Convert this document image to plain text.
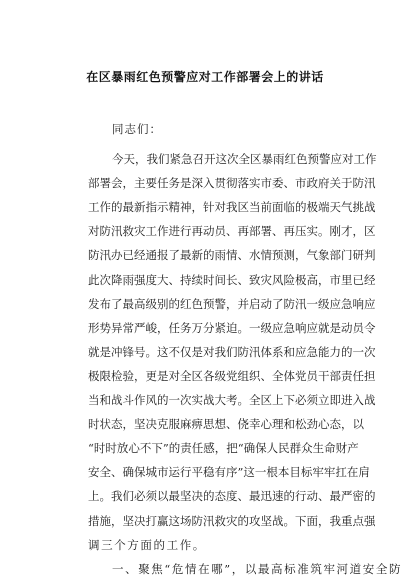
在区暴雨红色预警应对工作部署会上的讲话
同志们：
今天，我们紧急召开这次全区暴雨红色预警应对工作
部署会，主要任务是深入贯彻落实市委、市政府关于防汛
工作的最新指示精神，针对我区当前面临的极端天气挑战
对防汛救灾工作进行再动员、再部署、再压实。刚才，区
防汛办已经通报了最新的雨情、水情预测，气象部门研判
此次降雨强度大、持续时间长、致灾风险极高，市里已经
发布了最高级别的红色预警，并启动了防汛一级应急响应
形势异常严峻，任务万分紧迫。一级应急响应就是动员令
就是冲锋号。这不仅是对我们防汛体系和应急能力的一次
极限检验，更是对全区各级党组织、全体党员干部责任担
当和战斗作风的一次实战大考。全区上下必须立即进入战
时状态，坚决克服麻痹思想、侥幸心理和松劲心态，以
“时时放心不下”的责任感，把“确保人民群众生命财产
安全、确保城市运行平稳有序”这一根本目标牢牢扛在肩
上。我们必须以最坚决的态度、最迅速的行动、最严密的
措施，坚决打赢这场防汛救灾的攻坚战。下面，我重点强
调三个方面的工作。
一、聚焦“危情在哪”，以最高标准筑牢河道安全防
